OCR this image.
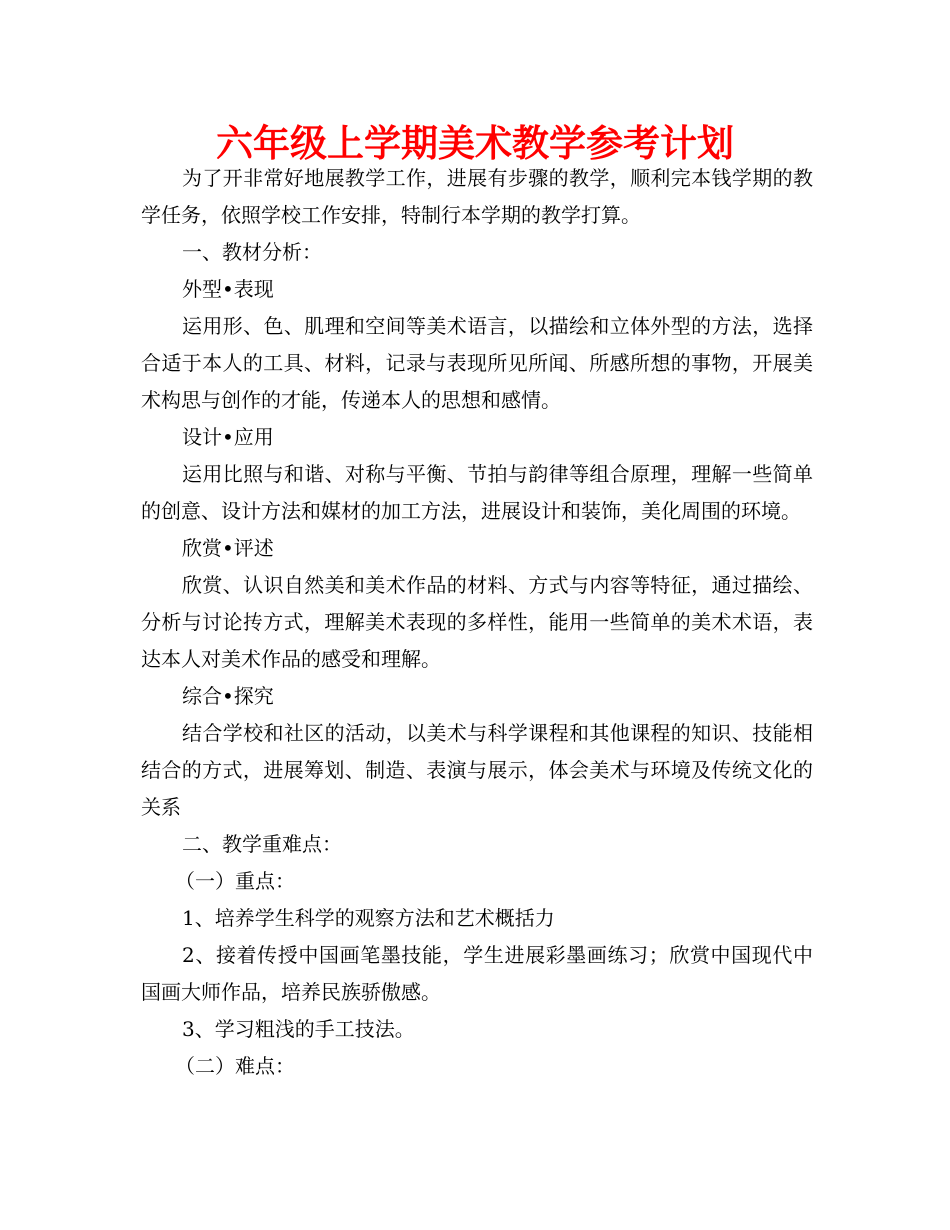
六年级上学期美术教学参考计划

为了开非常好地展教学工作，进展有步骤的教学，顺利完本钱学期的教学任务，依照学校工作安排，特制行本学期的教学打算。

一、教材分析：

外型•表现

运用形、色、肌理和空间等美术语言，以描绘和立体外型的方法，选择合适于本人的工具、材料，记录与表现所见所闻、所感所想的事物，开展美术构思与创作的才能，传递本人的思想和感情。

设计•应用

运用比照与和谐、对称与平衡、节拍与韵律等组合原理，理解一些简单的创意、设计方法和媒材的加工方法，进展设计和装饰，美化周围的环境。

欣赏•评述

欣赏、认识自然美和美术作品的材料、方式与内容等特征，通过描绘、分析与讨论抟方式，理解美术表现的多样性，能用一些简单的美术术语，表达本人对美术作品的感受和理解。

综合•探究

结合学校和社区的活动，以美术与科学课程和其他课程的知识、技能相结合的方式，进展筹划、制造、表演与展示，体会美术与环境及传统文化的关系

二、教学重难点：

（一）重点：

1、培养学生科学的观察方法和艺术概括力

2、接着传授中国画笔墨技能，学生进展彩墨画练习；欣赏中国现代中国画大师作品，培养民族骄傲感。

3、学习粗浅的手工技法。

（二）难点：
